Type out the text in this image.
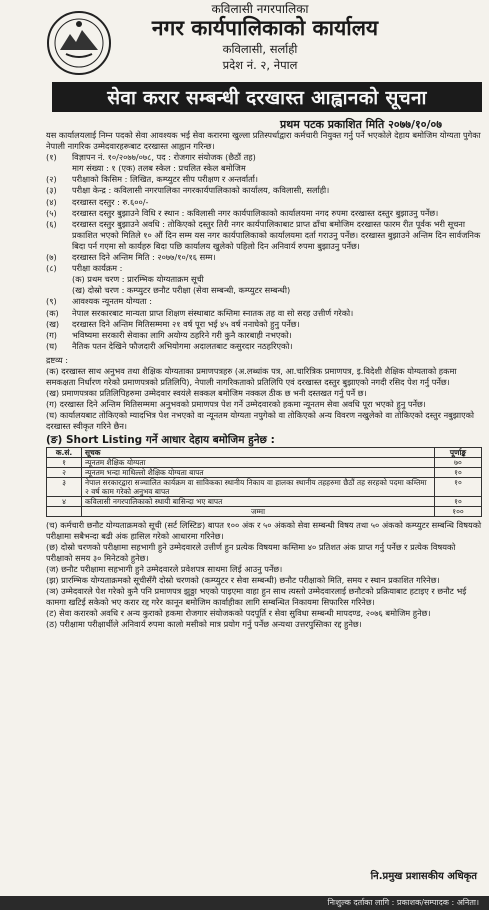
कविलासी नगरपालिका
नगर कार्यपालिकाको कार्यालय
कविलासी, सर्लाही
प्रदेश नं. २, नेपाल
सेवा करार सम्बन्धी दरखास्त आह्वानको सूचना
प्रथम पटक प्रकाशित मिति २०७७/१०/०७

यस कार्यालयलाई निम्न पदको सेवा आवश्यक भई सेवा करारमा खुल्ला प्रतिस्पर्धाद्वारा कर्मचारी नियुक्त गर्नु पर्ने भएकोले देहाय बमोजिम योग्यता पुगेका नेपाली नागरिक उम्मेदवारहरूबाट दरखास्त आह्वान गरिन्छ।

(१)	विज्ञापन नं. १०/२०७७/०७८, पद : रोजगार संयोजक (छैठौं तह)
माग संख्या : १ (एक) तलब स्केल : प्रचलित स्केल बमोजिम
(२)	परीक्षाको किसिम : लिखित, कम्प्युटर सीप परीक्षण र अन्तर्वार्ता।
(३)	परीक्षा केन्द्र : कविलासी नगरपालिका नगरकार्यपालिकाको कार्यालय, कविलासी, सर्लाही।
(४)	दरखास्त दस्तुर : रु.६००/-
(५)	दरखास्त दस्तुर बुझाउने विधि र स्थान : कविलासी नगर कार्यपालिकाको कार्यालयमा नगद रुपमा दरखास्त दस्तुर बुझाउनु पर्नेछ।
(६)	दरखास्त दस्तुर बुझाउने अवधि : तोकिएको दस्तुर तिरी नगर कार्यपालिकाबाट प्राप्त ढाँचा बमोजिम दरखास्त फारम रीत पूर्वक भरी सूचना प्रकाशित भएको मितिले १० औं दिन सम्म यस नगर कार्यपालिकाको कार्यालयमा दर्ता गराउनु पर्नेछ। दरखास्त बुझाउने अन्तिम दिन सार्वजनिक बिदा पर्न गएमा सो कार्यहरु बिदा पछि कार्यालय खुलेको पहिलो दिन अनिवार्य रुपमा बुझाउनु पर्नेछ।
(७)	दरखास्त दिने अन्तिम मिति : २०७७/१०/१६ सम्म।
(८)	परीक्षा कार्यक्रम :
(क) प्रथम चरण : प्रारम्भिक योग्यताक्रम सूची
(ख) दोस्रो चरण : कम्प्युटर छनौट परीक्षा (सेवा सम्बन्धी, कम्प्युटर सम्बन्धी)
(९)	आवश्यक न्यूनतम योग्यता :
(क)	नेपाल सरकारबाट मान्यता प्राप्त शिक्षण संस्थाबाट कम्तिमा स्नातक तह वा सो सरह उत्तीर्ण गरेको।
(ख)	दरखास्त दिने अन्तिम मितिसम्ममा २१ वर्ष पूरा भई ४५ वर्ष ननाघेको हुनु पर्नेछ।
(ग)	भविष्यमा सरकारी सेवाका लागि अयोग्य ठहरिने गरी कुनै कारबाही नभएको।
(घ)	नैतिक पतन देखिने फौजदारी अभियोगमा अदालतबाट कसुरदार नठहरिएको।

द्रष्टव्य :

(क) दरखास्त साथ अनुभव तथा शैक्षिक योग्यताका प्रमाणपत्रहरु (अ.लब्धांक पत्र, आ.चारित्रिक प्रमाणपत्र, इ.विदेशी शैक्षिक योग्यताको हकमा समकक्षता निर्धारण गरेको प्रमाणपत्रको प्रतिलिपि), नेपाली नागरिकताको प्रतिलिपि एवं दरखास्त दस्तुर बुझाएको नगदी रसिद पेश गर्नु पर्नेछ।

(ख) प्रमाणपत्रका प्रतिलिपिहरुमा उम्मेदवार स्वयंले सक्कल बमोजिम नक्कल ठीक छ भनी दस्तखत गर्नु पर्ने छ।

(ग) दरखास्त दिने अन्तिम मितिसम्ममा अनुभवको प्रमाणपत्र पेश गर्ने उम्मेदवारको हकमा न्यूनतम सेवा अवधि पूरा भएको हुनु पर्नेछ।

(घ) कार्यालयबाट तोकिएको म्यादभित्र पेश नभएको वा न्यूनतम योग्यता नपुगेको वा तोकिएको अन्य विवरण नखुलेको वा तोकिएको दस्तुर नबुझाएको दरखास्त स्वीकृत गरिने छैन।

(ङ) Short Listing गर्ने आधार देहाय बमोजिम हुनेछ :
क.सं.	सूचक	पूर्णाङ्क
१	न्यूनतम शैक्षिक योग्यता	७०
२	न्यूनतम भन्दा माथिल्लो शैक्षिक योग्यता बापत	१०
३	नेपाल सरकारद्वारा सञ्चालित कार्यक्रम वा साविकका स्थानीय निकाय वा हालका स्थानीय तहहरुमा छैठौं तह सरहको पदमा कम्तिमा २ वर्ष काम गरेको अनुभव बापत	१०
४	कविलासी नगरपालिकाको स्थायी बासिन्दा भए बापत	१०
	जम्मा	१००

(च) कर्मचारी छनौट योग्यताक्रमको सूची (सर्ट लिस्टिङ) बापत १०० अंक र ५० अंकको सेवा सम्बन्धी विषय तथा ५० अंकको कम्प्युटर सम्बन्धि विषयको परीक्षामा सबैभन्दा बढी अंक हासिल गरेको आधारमा गरिनेछ।

(छ) दोस्रो चरणको परीक्षामा सहभागी हुने उम्मेदवारले उत्तीर्ण हुन प्रत्येक विषयमा कम्तिमा ४० प्रतिशत अंक प्राप्त गर्नु पर्नेछ र प्रत्येक विषयको परीक्षाको समय ३० मिनेटको हुनेछ।

(ज) छनौट परीक्षामा सहभागी हुने उम्मेदवारले प्रवेशपत्र साथमा लिई आउनु पर्नेछ।

(झ) प्रारम्भिक योग्यताक्रमको सूचीसँगै दोस्रो चरणको (कम्प्युटर र सेवा सम्बन्धी) छनौट परीक्षाको मिति, समय र स्थान प्रकाशित गरिनेछ।

(ञ) उम्मेदवारले पेश गरेको कुनै पनि प्रमाणपत्र झुठ्ठा भएको पाइएमा वाहा हुन साथ त्यस्तो उम्मेदवारलाई छनौटको प्रक्रियाबाट हटाइए र छनौट भई कामगा खटिई सकेको भए करार रद्द गरेर कानून बमोजिम कार्वाहीका लागि सम्बन्धित निकायमा सिफारिस गरिनेछ।

(ट) सेवा करारको अवधि र अन्य कुराको हकमा रोजगार संयोजकको पदपूर्ति र सेवा सुविधा सम्बन्धी मापदण्ड, २०७६ बमोजिम हुनेछ।

(ठ) परीक्षामा परीक्षार्थीले अनिवार्य रुपमा कालो मसीको मात्र प्रयोग गर्नु पर्नेछ अन्यथा उत्तरपुस्तिका रद्द हुनेछ।

नि.प्रमुख प्रशासकीय अधिकृत
निःशुल्क दर्ताका लागि : प्रकाशक/सम्पादक : अनिता।
